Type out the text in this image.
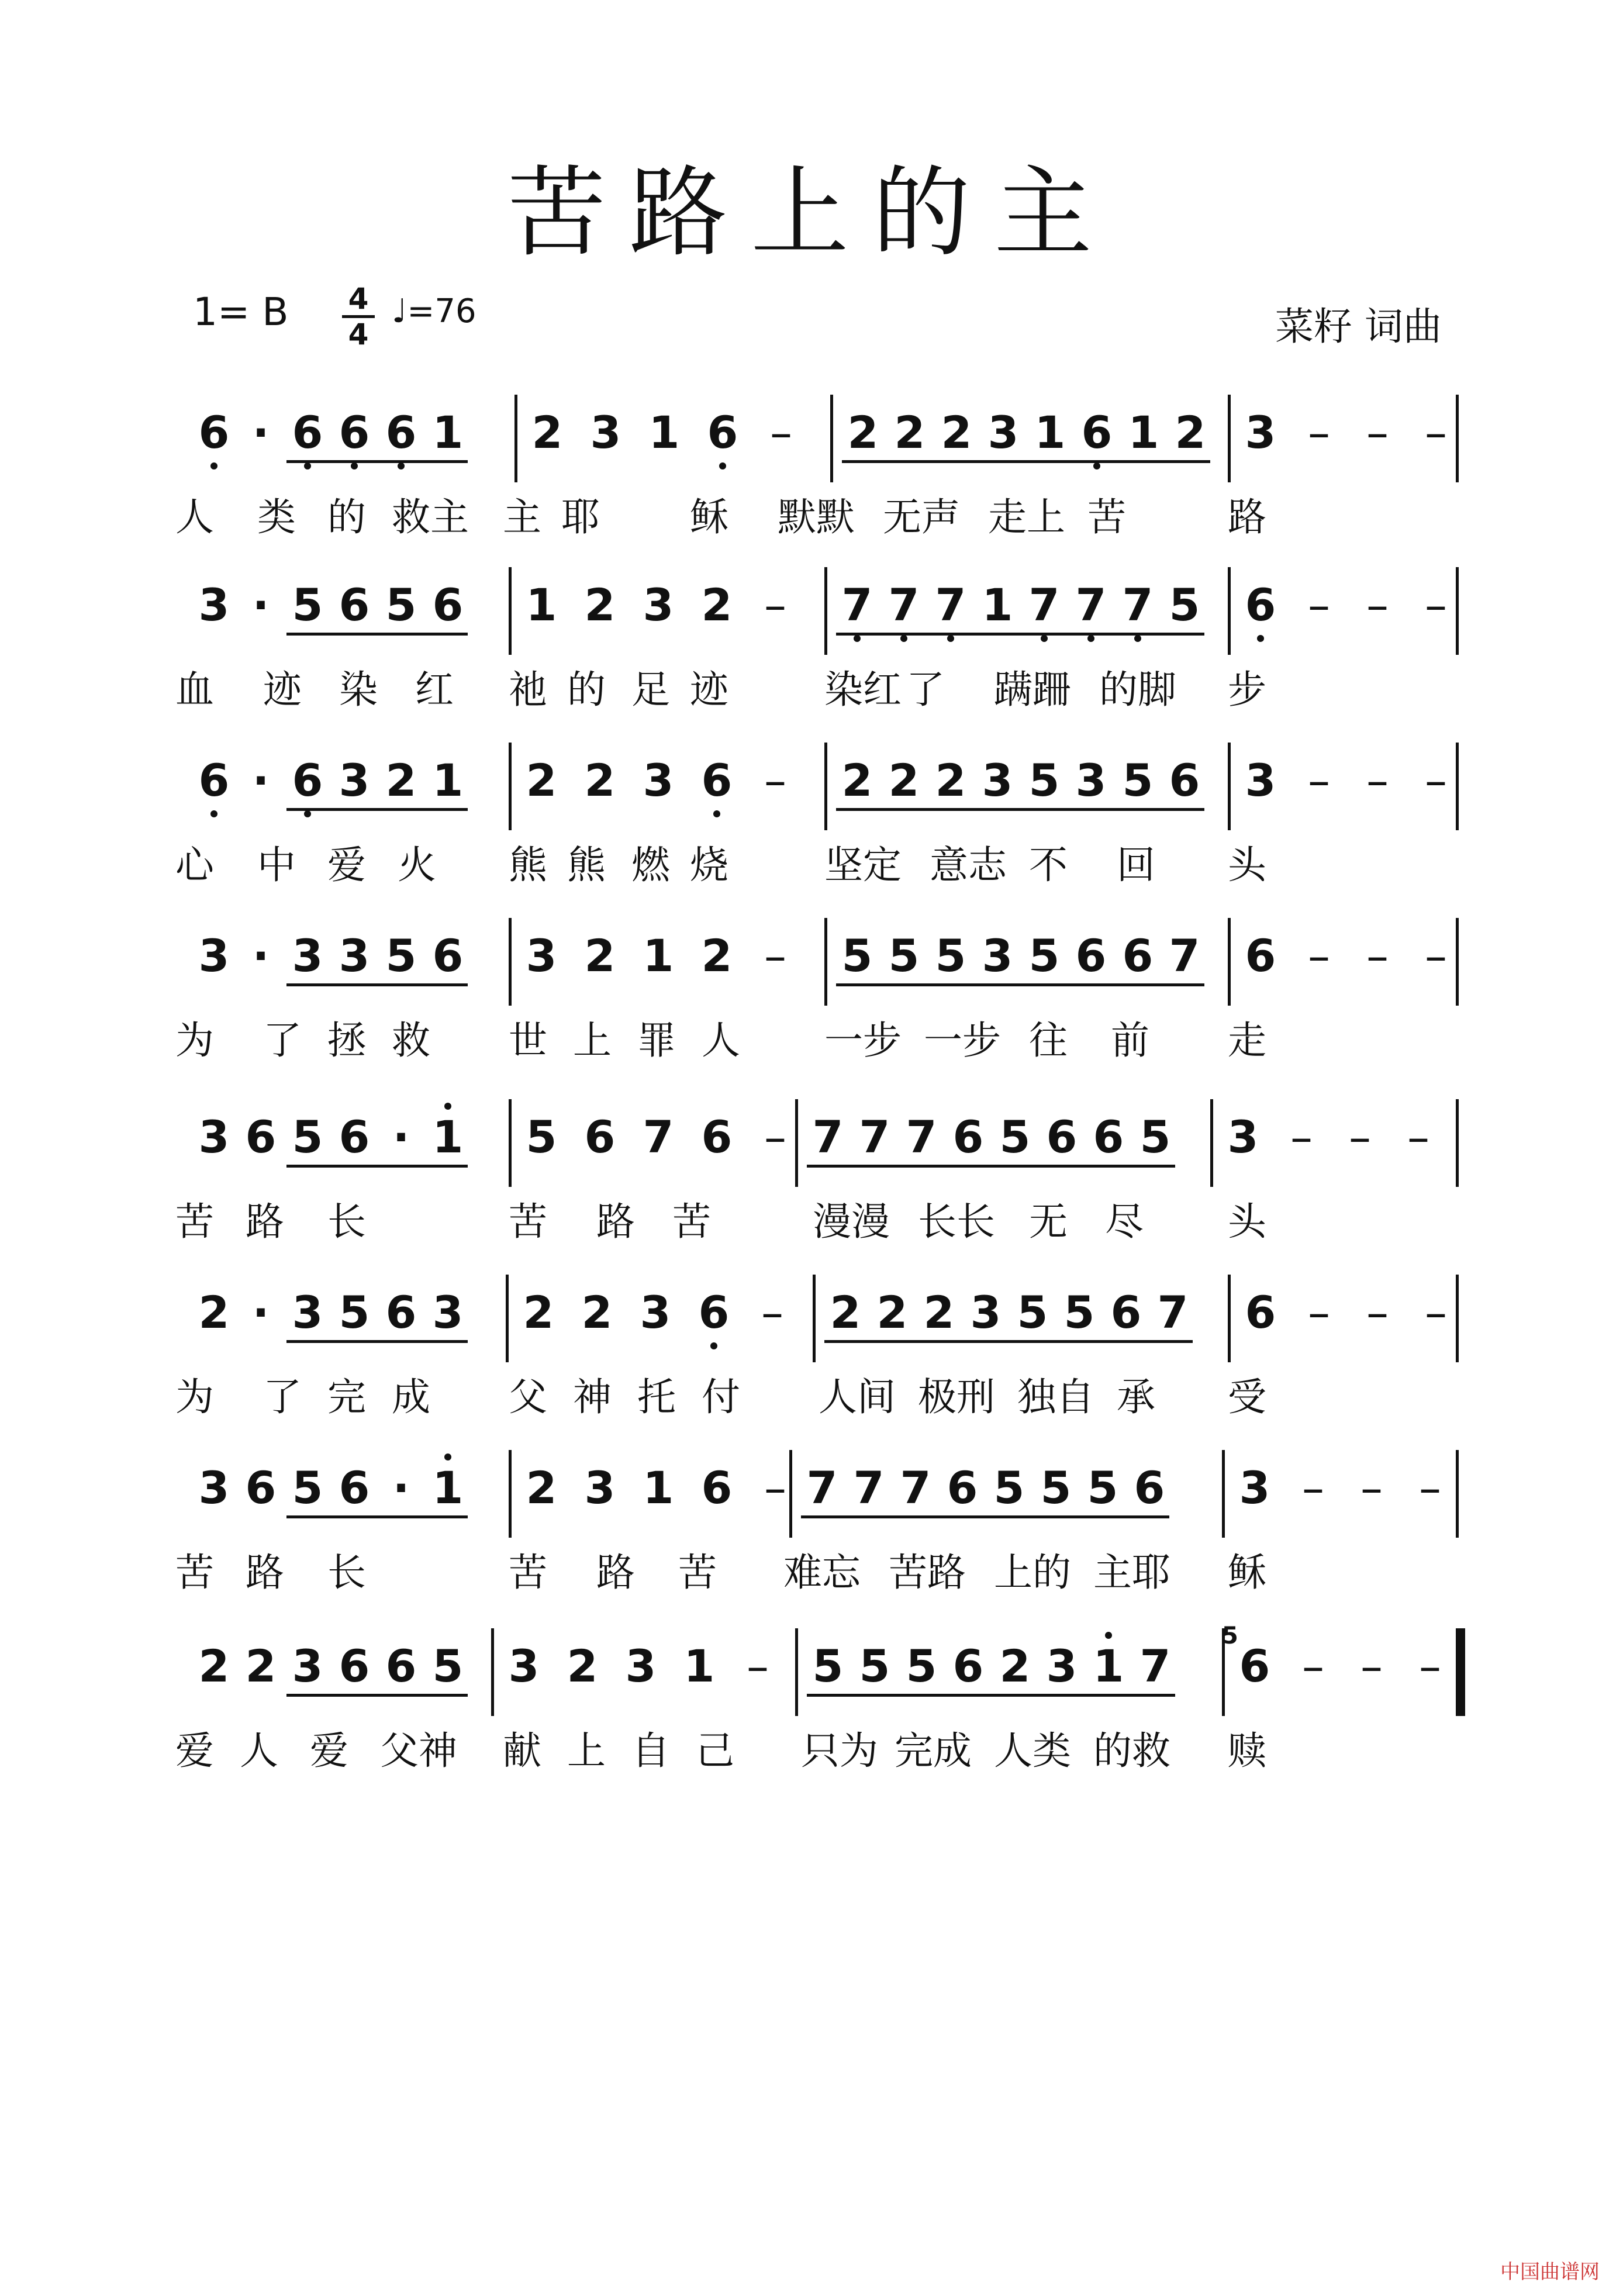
苦路上的主
1= B 4
4
♩=76	菜籽 词曲
6 · 6 6 6 1 2 3 1 6 – 2 2 2 3 1 6 1 2 3 – – –
人 类 的 救主 主 耶 稣 默默 无声 走上 苦	路
3 · 5 6 5 6 1 2 3 2 – 7 7 7 1 7 7 7 5 6 – – –
血 迹 染 红 祂 的 足 迹 染红 了 蹒跚 的脚 步
6 · 6 3 2 1 2 2 3 6 – 2 2 2 3 5 3 5 6 3 – – –
心 中 爱 火 熊 熊 燃 烧 坚定 意志 不 回 头
3 · 3 3 5 6 3 2 1 2 – 5 5 5 3 5 6 6 7 6 – – –
为 了 拯 救 世 上 罪 人 一步 一步 往 前 走
3 6 5 6 · 1 5 6 7 6 – 7 7 7 6 5 6 6 5 3 – – –
苦 路 长	苦 路 苦	漫漫 长长 无 尽 头
2 · 3 5 6 3 2 2 3 6 – 2 2 2 3 5 5 6 7 6 – – –
为 了 完 成 父 神 托 付 人间 极刑 独自 承 受
3 6 5 6 · 1 2 3 1 6 – 7 7 7 6 5 5 5 6 3 – – –
苦 路 长	苦 路 苦 难忘 苦路 上的 主耶 稣
2 2 3 6 6 5 3 2 3 1 – 5 5 5 6 2 3 1 7 6 – – –
5
爱 人 爱 父神 献 上 自 己 只为 完成 人类 的救 赎
中国曲谱网
